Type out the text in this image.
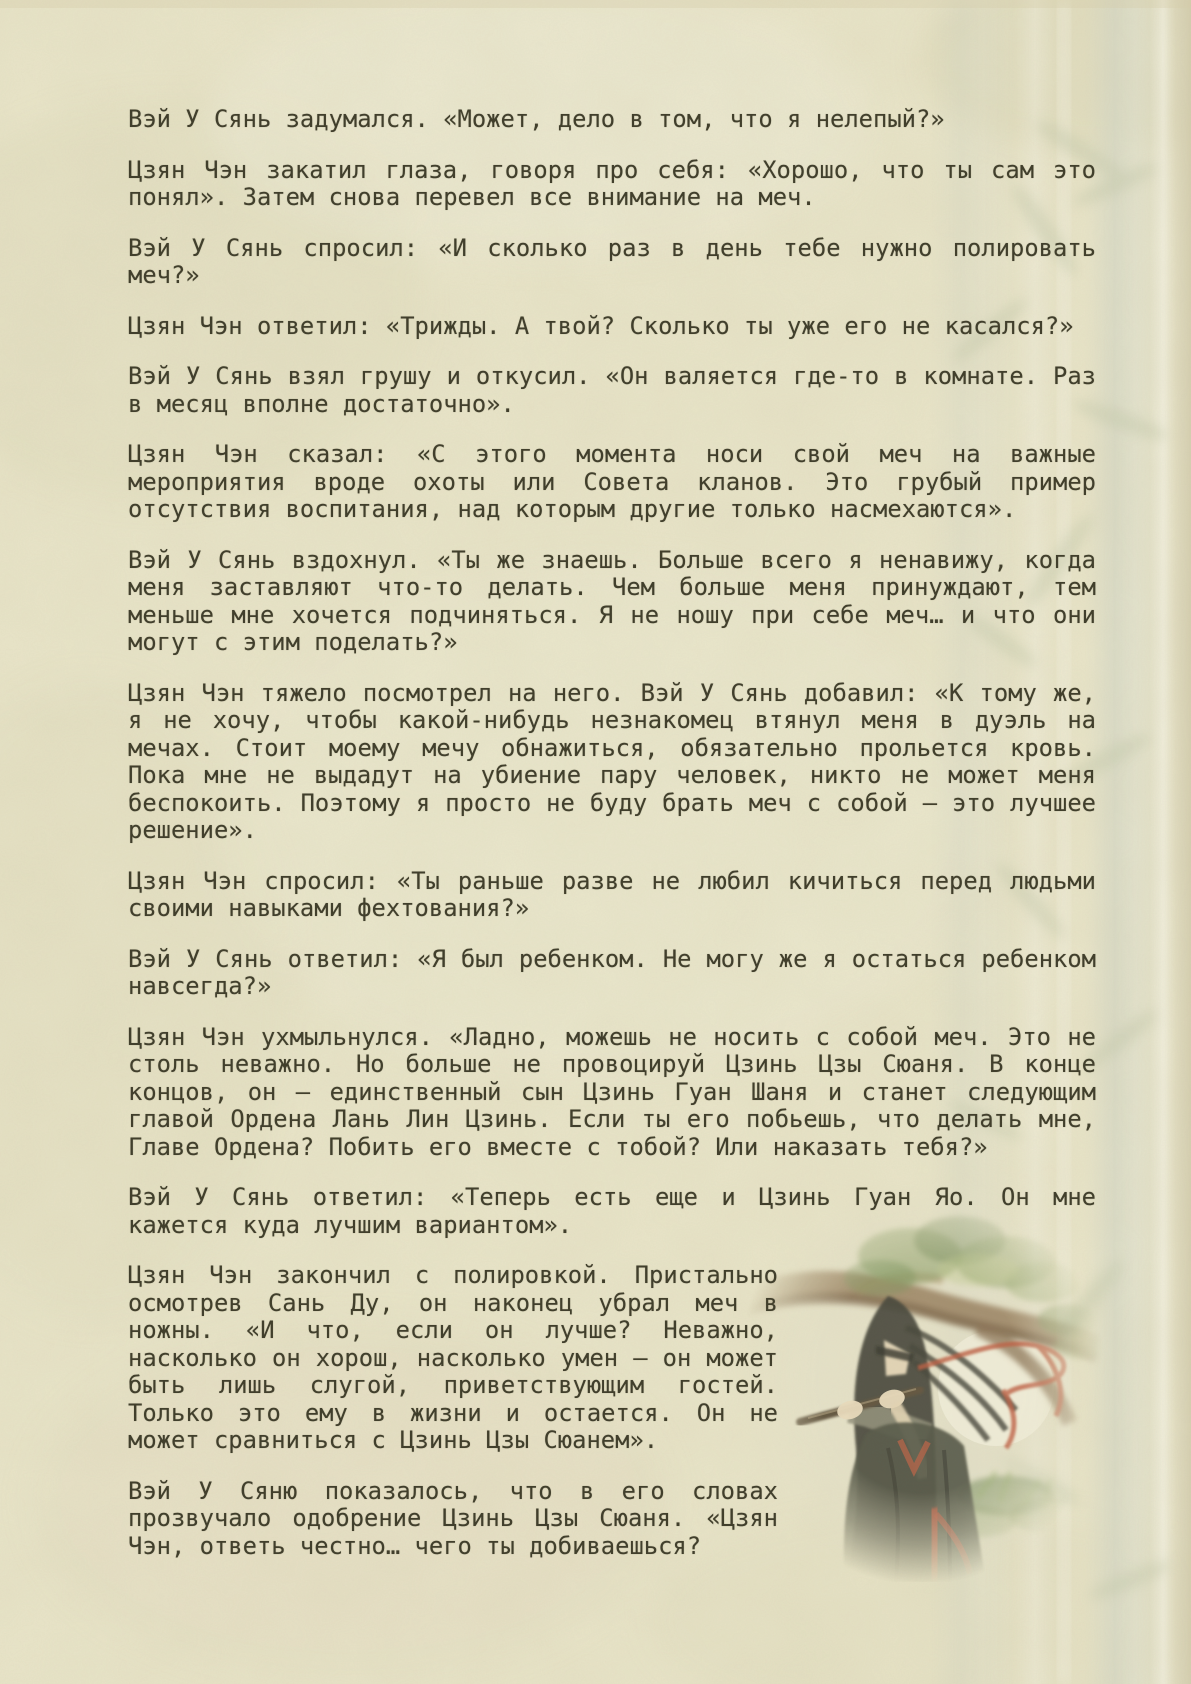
Вэй У Сянь задумался. «Может, дело в том, что я нелепый?»

Цзян Чэн закатил глаза, говоря про себя: «Хорошо, что ты сам это понял». Затем снова перевел все внимание на меч.

Вэй У Сянь спросил: «И сколько раз в день тебе нужно полировать меч?»

Цзян Чэн ответил: «Трижды. А твой? Сколько ты уже его не касался?»

Вэй У Сянь взял грушу и откусил. «Он валяется где-то в комнате. Раз в месяц вполне достаточно».

Цзян Чэн сказал: «С этого момента носи свой меч на важные мероприятия вроде охоты или Совета кланов. Это грубый пример отсутствия воспитания, над которым другие только насмехаются».

Вэй У Сянь вздохнул. «Ты же знаешь. Больше всего я ненавижу, когда меня заставляют что-то делать. Чем больше меня принуждают, тем меньше мне хочется подчиняться. Я не ношу при себе меч… и что они могут с этим поделать?»

Цзян Чэн тяжело посмотрел на него. Вэй У Сянь добавил: «К тому же, я не хочу, чтобы какой-нибудь незнакомец втянул меня в дуэль на мечах. Стоит моему мечу обнажиться, обязательно прольется кровь. Пока мне не выдадут на убиение пару человек, никто не может меня беспокоить. Поэтому я просто не буду брать меч с собой — это лучшее решение».

Цзян Чэн спросил: «Ты раньше разве не любил кичиться перед людьми своими навыками фехтования?»

Вэй У Сянь ответил: «Я был ребенком. Не могу же я остаться ребенком навсегда?»

Цзян Чэн ухмыльнулся. «Ладно, можешь не носить с собой меч. Это не столь неважно. Но больше не провоцируй Цзинь Цзы Сюаня. В конце концов, он — единственный сын Цзинь Гуан Шаня и станет следующим главой Ордена Лань Лин Цзинь. Если ты его побьешь, что делать мне, Главе Ордена? Побить его вместе с тобой? Или наказать тебя?»

Вэй У Сянь ответил: «Теперь есть еще и Цзинь Гуан Яо. Он мне кажется куда лучшим вариантом».

Цзян Чэн закончил с полировкой. Пристально осмотрев Сань Ду, он наконец убрал меч в ножны. «И что, если он лучше? Неважно, насколько он хорош, насколько умен — он может быть лишь слугой, приветствующим гостей. Только это ему в жизни и остается. Он не может сравниться с Цзинь Цзы Сюанем».

Вэй У Сяню показалось, что в его словах прозвучало одобрение Цзинь Цзы Сюаня. «Цзян Чэн, ответь честно… чего ты добиваешься?
